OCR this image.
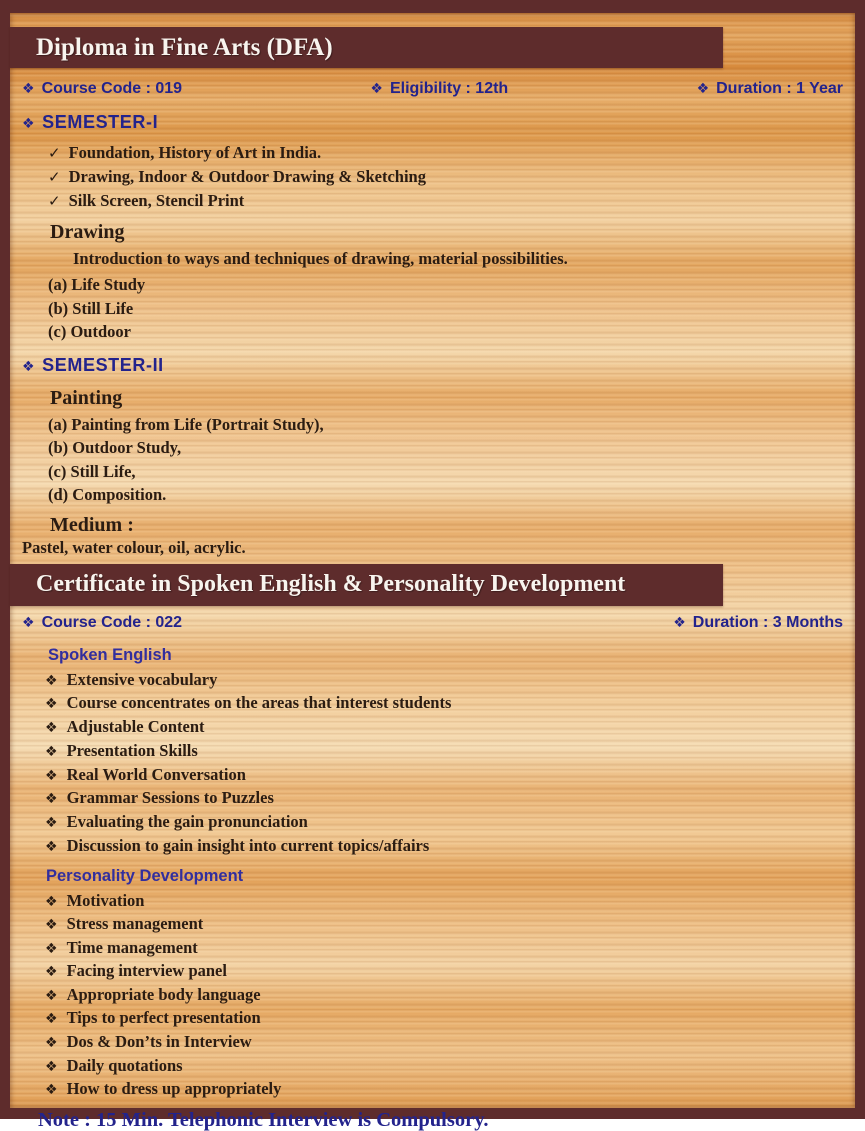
Diploma in Fine Arts (DFA)
❖ Course Code : 019	❖ Eligibility : 12th	❖ Duration : 1 Year
❖ SEMESTER-I
✓ Foundation, History of Art in India.
✓ Drawing, Indoor & Outdoor Drawing & Sketching
✓ Silk Screen, Stencil Print
Drawing
Introduction to ways and techniques of drawing, material possibilities.
(a) Life Study
(b) Still Life
(c) Outdoor
❖ SEMESTER-II
Painting
(a) Painting from Life (Portrait Study),
(b) Outdoor Study,
(c) Still Life,
(d) Composition.
Medium :
Pastel, water colour, oil, acrylic.
Certificate in Spoken English & Personality Development
❖ Course Code : 022	❖ Duration : 3 Months
Spoken English
❖ Extensive vocabulary
❖ Course concentrates on the areas that interest students
❖ Adjustable Content
❖ Presentation Skills
❖ Real World Conversation
❖ Grammar Sessions to Puzzles
❖ Evaluating the gain pronunciation
❖ Discussion to gain insight into current topics/affairs
Personality Development
❖ Motivation
❖ Stress management
❖ Time management
❖ Facing interview panel
❖ Appropriate body language
❖ Tips to perfect presentation
❖ Dos & Don’ts in Interview
❖ Daily quotations
❖ How to dress up appropriately
Note : 15 Min. Telephonic Interview is Compulsory.
